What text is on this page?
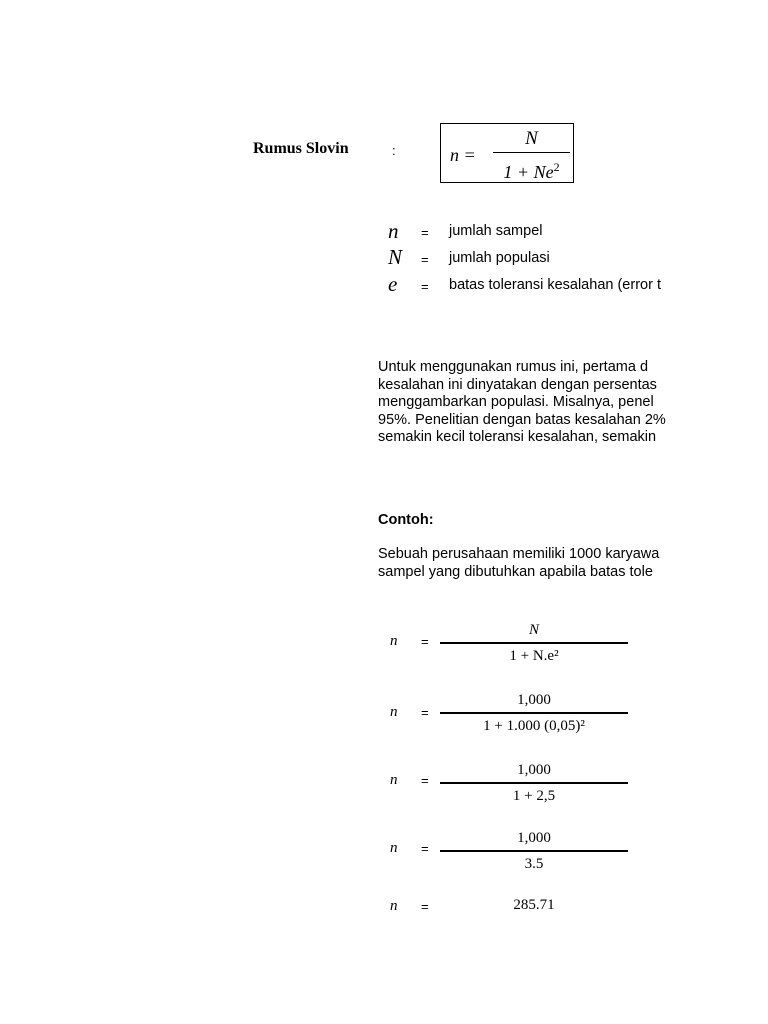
Rumus Slovin	:	n =
N
$1 + Ne^2$
n	= jumlah sampel
N	= jumlah populasi
e	= batas toleransi kesalahan (error t
Untuk menggunakan rumus ini, pertama d
kesalahan ini dinyatakan dengan persentas
menggambarkan populasi. Misalnya, penel
95%. Penelitian dengan batas kesalahan 2%
semakin kecil toleransi kesalahan, semakin
Contoh:
Sebuah perusahaan memiliki 1000 karyawa
sampel yang dibutuhkan apabila batas tole
n =
N
1 + N.e²
n =
1,000
1 + 1.000 (0,05)²
n =
1,000
1 + 2,5
n =
1,000
3.5
n =	285.71
